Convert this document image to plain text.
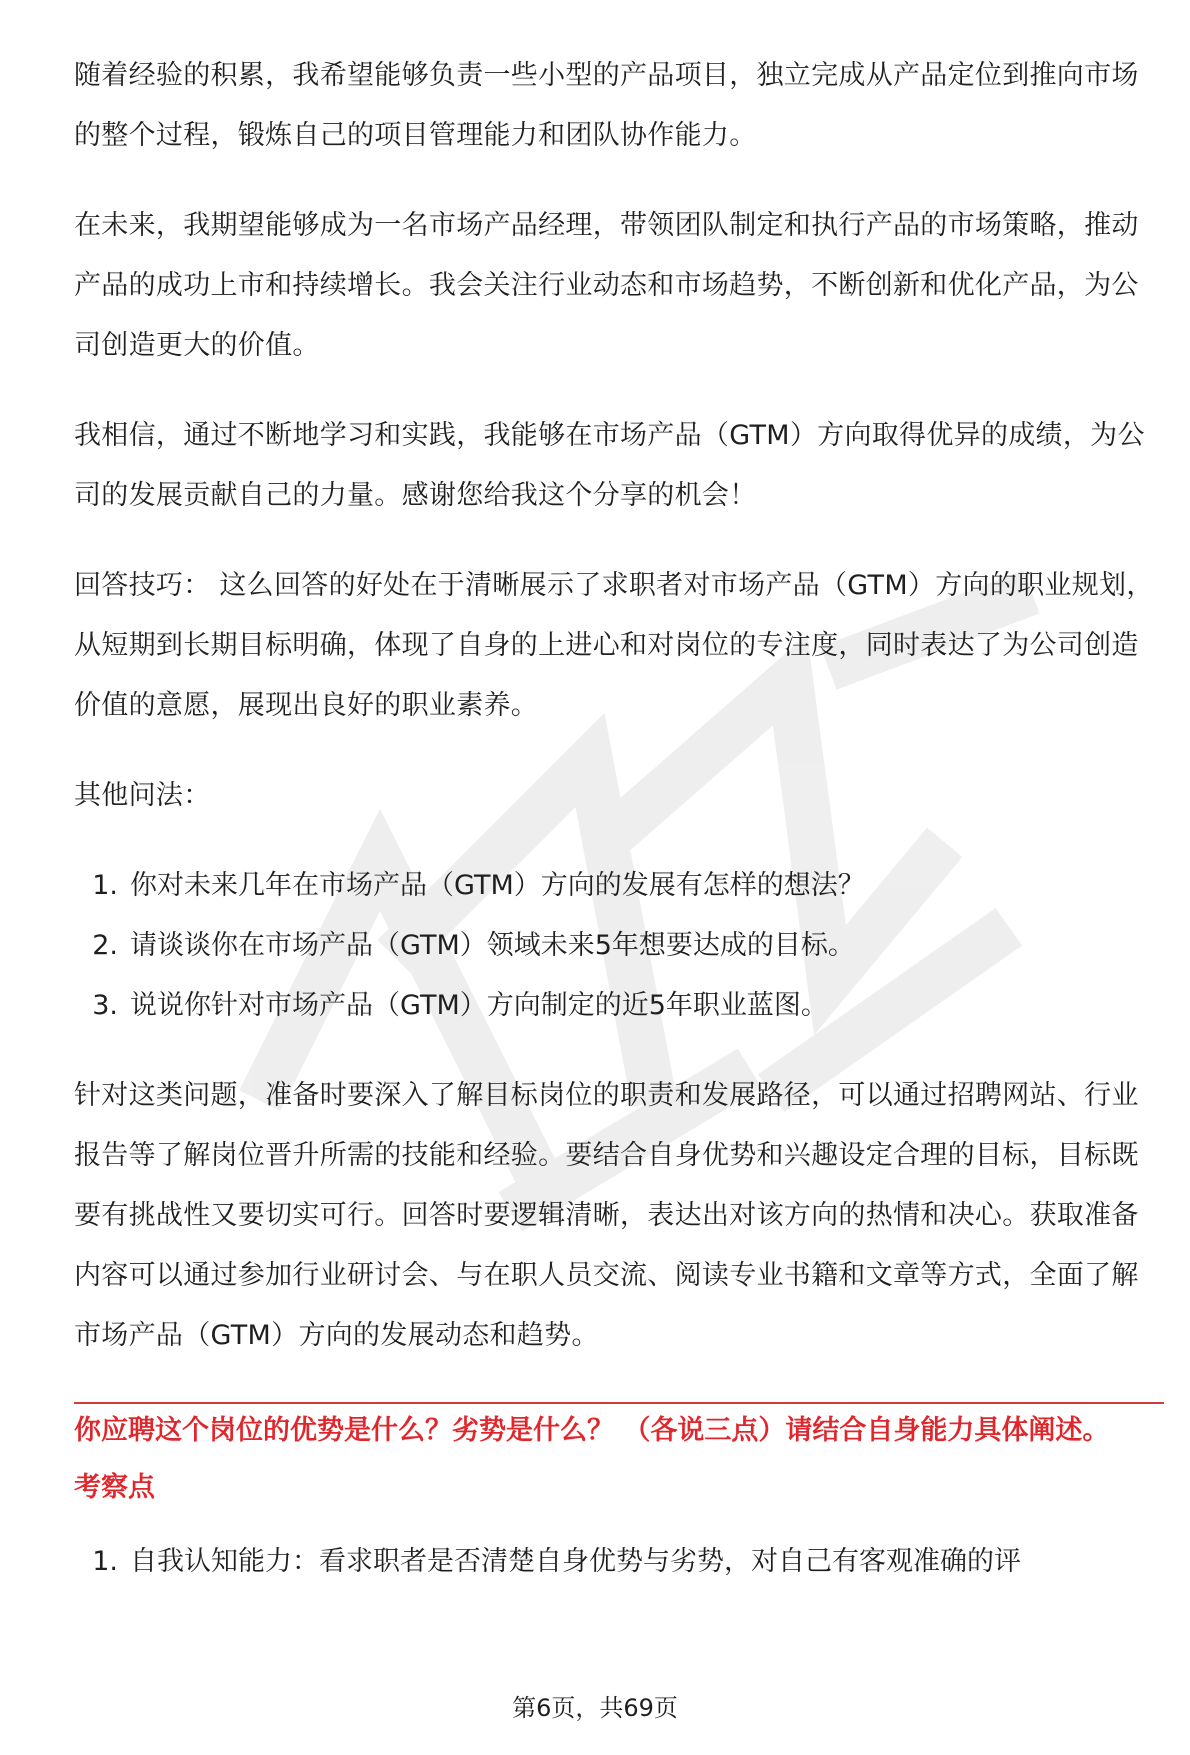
随着经验的积累，我希望能够负责一些小型的产品项目，独立完成从产品定位到推向市场的整个过程，锻炼自己的项目管理能力和团队协作能力。

在未来，我期望能够成为一名市场产品经理，带领团队制定和执行产品的市场策略，推动产品的成功上市和持续增长。我会关注行业动态和市场趋势，不断创新和优化产品，为公司创造更大的价值。

我相信，通过不断地学习和实践，我能够在市场产品（GTM）方向取得优异的成绩，为公司的发展贡献自己的力量。感谢您给我这个分享的机会！

回答技巧： 这么回答的好处在于清晰展示了求职者对市场产品（GTM）方向的职业规划，从短期到长期目标明确，体现了自身的上进心和对岗位的专注度，同时表达了为公司创造价值的意愿，展现出良好的职业素养。

其他问法：

1. 你对未来几年在市场产品（GTM）方向的发展有怎样的想法？
2. 请谈谈你在市场产品（GTM）领域未来5年想要达成的目标。
3. 说说你针对市场产品（GTM）方向制定的近5年职业蓝图。

针对这类问题，准备时要深入了解目标岗位的职责和发展路径，可以通过招聘网站、行业报告等了解岗位晋升所需的技能和经验。要结合自身优势和兴趣设定合理的目标，目标既要有挑战性又要切实可行。回答时要逻辑清晰，表达出对该方向的热情和决心。获取准备内容可以通过参加行业研讨会、与在职人员交流、阅读专业书籍和文章等方式，全面了解市场产品（GTM）方向的发展动态和趋势。

你应聘这个岗位的优势是什么？劣势是什么？ （各说三点）请结合自身能力具体阐述。

考察点

1. 自我认知能力：看求职者是否清楚自身优势与劣势，对自己有客观准确的评
第6页，共69页
